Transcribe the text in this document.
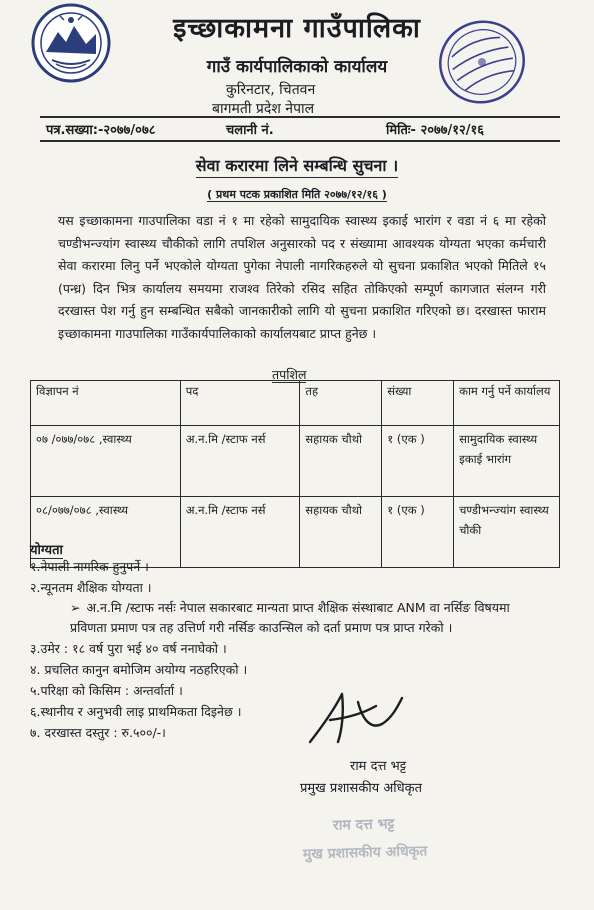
इच्छाकामना गाउँपालिका
गाउँ कार्यपालिकाको कार्यालय
कुरिनटार, चितवन
बागमती प्रदेश नेपाल
पत्र.सख्या:-२०७७/०७८	चलानी नं.	मितिः- २०७७/१२/१६
सेवा करारमा लिने सम्बन्धि सुचना ।
( प्रथम पटक प्रकाशित मिति २०७७/१२/१६ )
यस इच्छाकामना गाउपालिका वडा नं १ मा रहेको सामुदायिक स्वास्थ्य इकाई भारांग र वडा नं ६ मा रहेको चण्डीभन्ज्यांग स्वास्थ्य चौकीको लागि तपशिल अनुसारको पद र संख्यामा आवश्यक योग्यता भएका कर्मचारी सेवा करारमा लिनु पर्ने भएकोले योग्यता पुगेका नेपाली नागरिकहरुले यो सुचना प्रकाशित भएको मितिले १५ (पन्ध्र) दिन भित्र कार्यालय समयमा राजश्व तिरेको रसिद सहित तोकिएको सम्पूर्ण कागजात संलग्न गरी दरखास्त पेश गर्नु हुन सम्बन्धित सबैको जानकारीको लागि यो सुचना प्रकाशित गरिएको छ। दरखास्त फाराम इच्छाकामना गाउपालिका गाउँकार्यपालिकाको कार्यालयबाट प्राप्त हुनेछ ।
तपशिल
विज्ञापन नं	पद	तह	संख्या	काम गर्नु पर्ने कार्यालय
०७ /०७७/०७८ ,स्वास्थ्य	अ.न.मि /स्टाफ नर्स	सहायक चौथो	१ (एक )	सामुदायिक स्वास्थ्य इकाई भारांग
०८/०७७/०७८ ,स्वास्थ्य	अ.न.मि /स्टाफ नर्स	सहायक चौथो	१ (एक )	चण्डीभन्ज्यांग स्वास्थ्य चौकी
योग्यता
१.नेपाली नागरिक हुनुपर्ने ।
२.न्यूनतम शैक्षिक योग्यता ।
➢ अ.न.मि /स्टाफ नर्सः नेपाल सकारबाट मान्यता प्राप्त शैक्षिक संस्थाबाट ANM वा नर्सिङ विषयमा प्रविणता प्रमाण पत्र तह उत्तिर्ण गरी नर्सिङ काउन्सिल को दर्ता प्रमाण पत्र प्राप्त गरेको ।
३.उमेर : १८ वर्ष पुरा भई ४० वर्ष ननाघेको ।
४. प्रचलित कानुन बमोजिम अयोग्य नठहरिएको ।
५.परिक्षा को किसिम : अन्तर्वार्ता ।
६.स्थानीय र अनुभवी लाइ प्राथमिकता दिइनेछ ।
७. दरखास्त दस्तुर : रु.५००/-।
राम दत्त भट्ट
प्रमुख प्रशासकीय अधिकृत
राम दत्त भट्ट
मुख प्रशासकीय अधिकृत
